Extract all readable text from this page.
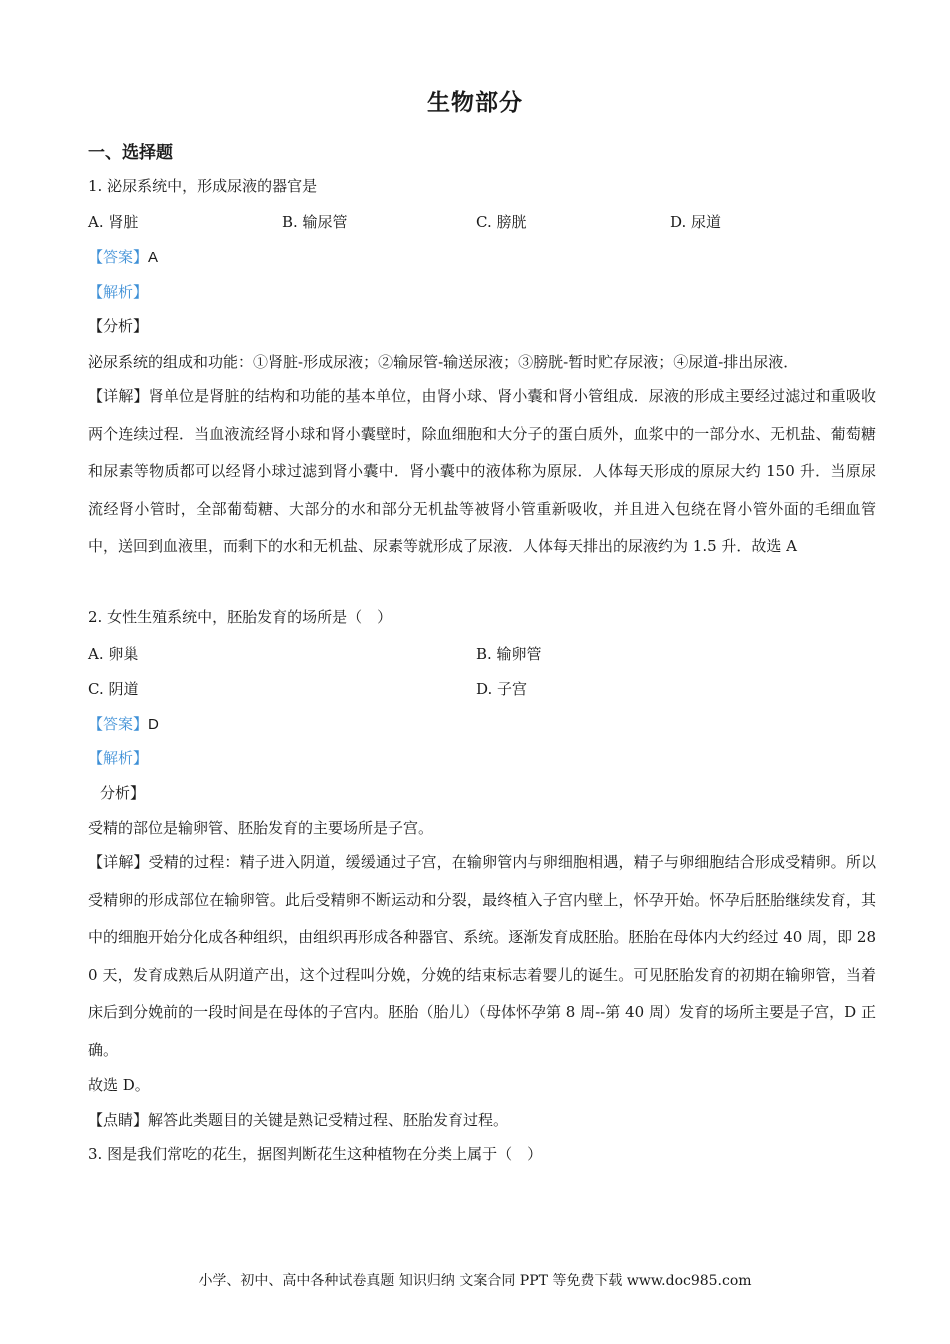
生物部分
一、选择题
1. 泌尿系统中，形成尿液的器官是
A. 肾脏	B. 输尿管	C. 膀胱	D. 尿道
【答案】A
【解析】
【分析】
泌尿系统的组成和功能：①肾脏-形成尿液；②输尿管-输送尿液；③膀胱-暂时贮存尿液；④尿道-排出尿液．
【详解】肾单位是肾脏的结构和功能的基本单位，由肾小球、肾小囊和肾小管组成．尿液的形成主要经过滤过和重吸收两个连续过程．当血液流经肾小球和肾小囊壁时，除血细胞和大分子的蛋白质外，血浆中的一部分水、无机盐、葡萄糖和尿素等物质都可以经肾小球过滤到肾小囊中．肾小囊中的液体称为原尿．人体每天形成的原尿大约 150 升．当原尿流经肾小管时，全部葡萄糖、大部分的水和部分无机盐等被肾小管重新吸收，并且进入包绕在肾小管外面的毛细血管中，送回到血液里，而剩下的水和无机盐、尿素等就形成了尿液．人体每天排出的尿液约为 1.5 升．故选 A
2. 女性生殖系统中，胚胎发育的场所是（　）
A. 卵巢	B. 输卵管
C. 阴道	D. 子宫
【答案】D
【解析】
分析】
受精的部位是输卵管、胚胎发育的主要场所是子宫。
【详解】受精的过程：精子进入阴道，缓缓通过子宫，在输卵管内与卵细胞相遇，精子与卵细胞结合形成受精卵。所以受精卵的形成部位在输卵管。此后受精卵不断运动和分裂，最终植入子宫内壁上，怀孕开始。怀孕后胚胎继续发育，其中的细胞开始分化成各种组织，由组织再形成各种器官、系统。逐渐发育成胚胎。胚胎在母体内大约经过 40 周，即 280 天，发育成熟后从阴道产出，这个过程叫分娩，分娩的结束标志着婴儿的诞生。可见胚胎发育的初期在输卵管，当着床后到分娩前的一段时间是在母体的子宫内。胚胎（胎儿）（母体怀孕第 8 周--第 40 周）发育的场所主要是子宫，D 正确。
故选 D。
【点睛】解答此类题目的关键是熟记受精过程、胚胎发育过程。
3. 图是我们常吃的花生，据图判断花生这种植物在分类上属于（　）
小学、初中、高中各种试卷真题 知识归纳 文案合同 PPT 等免费下载 www.doc985.com
